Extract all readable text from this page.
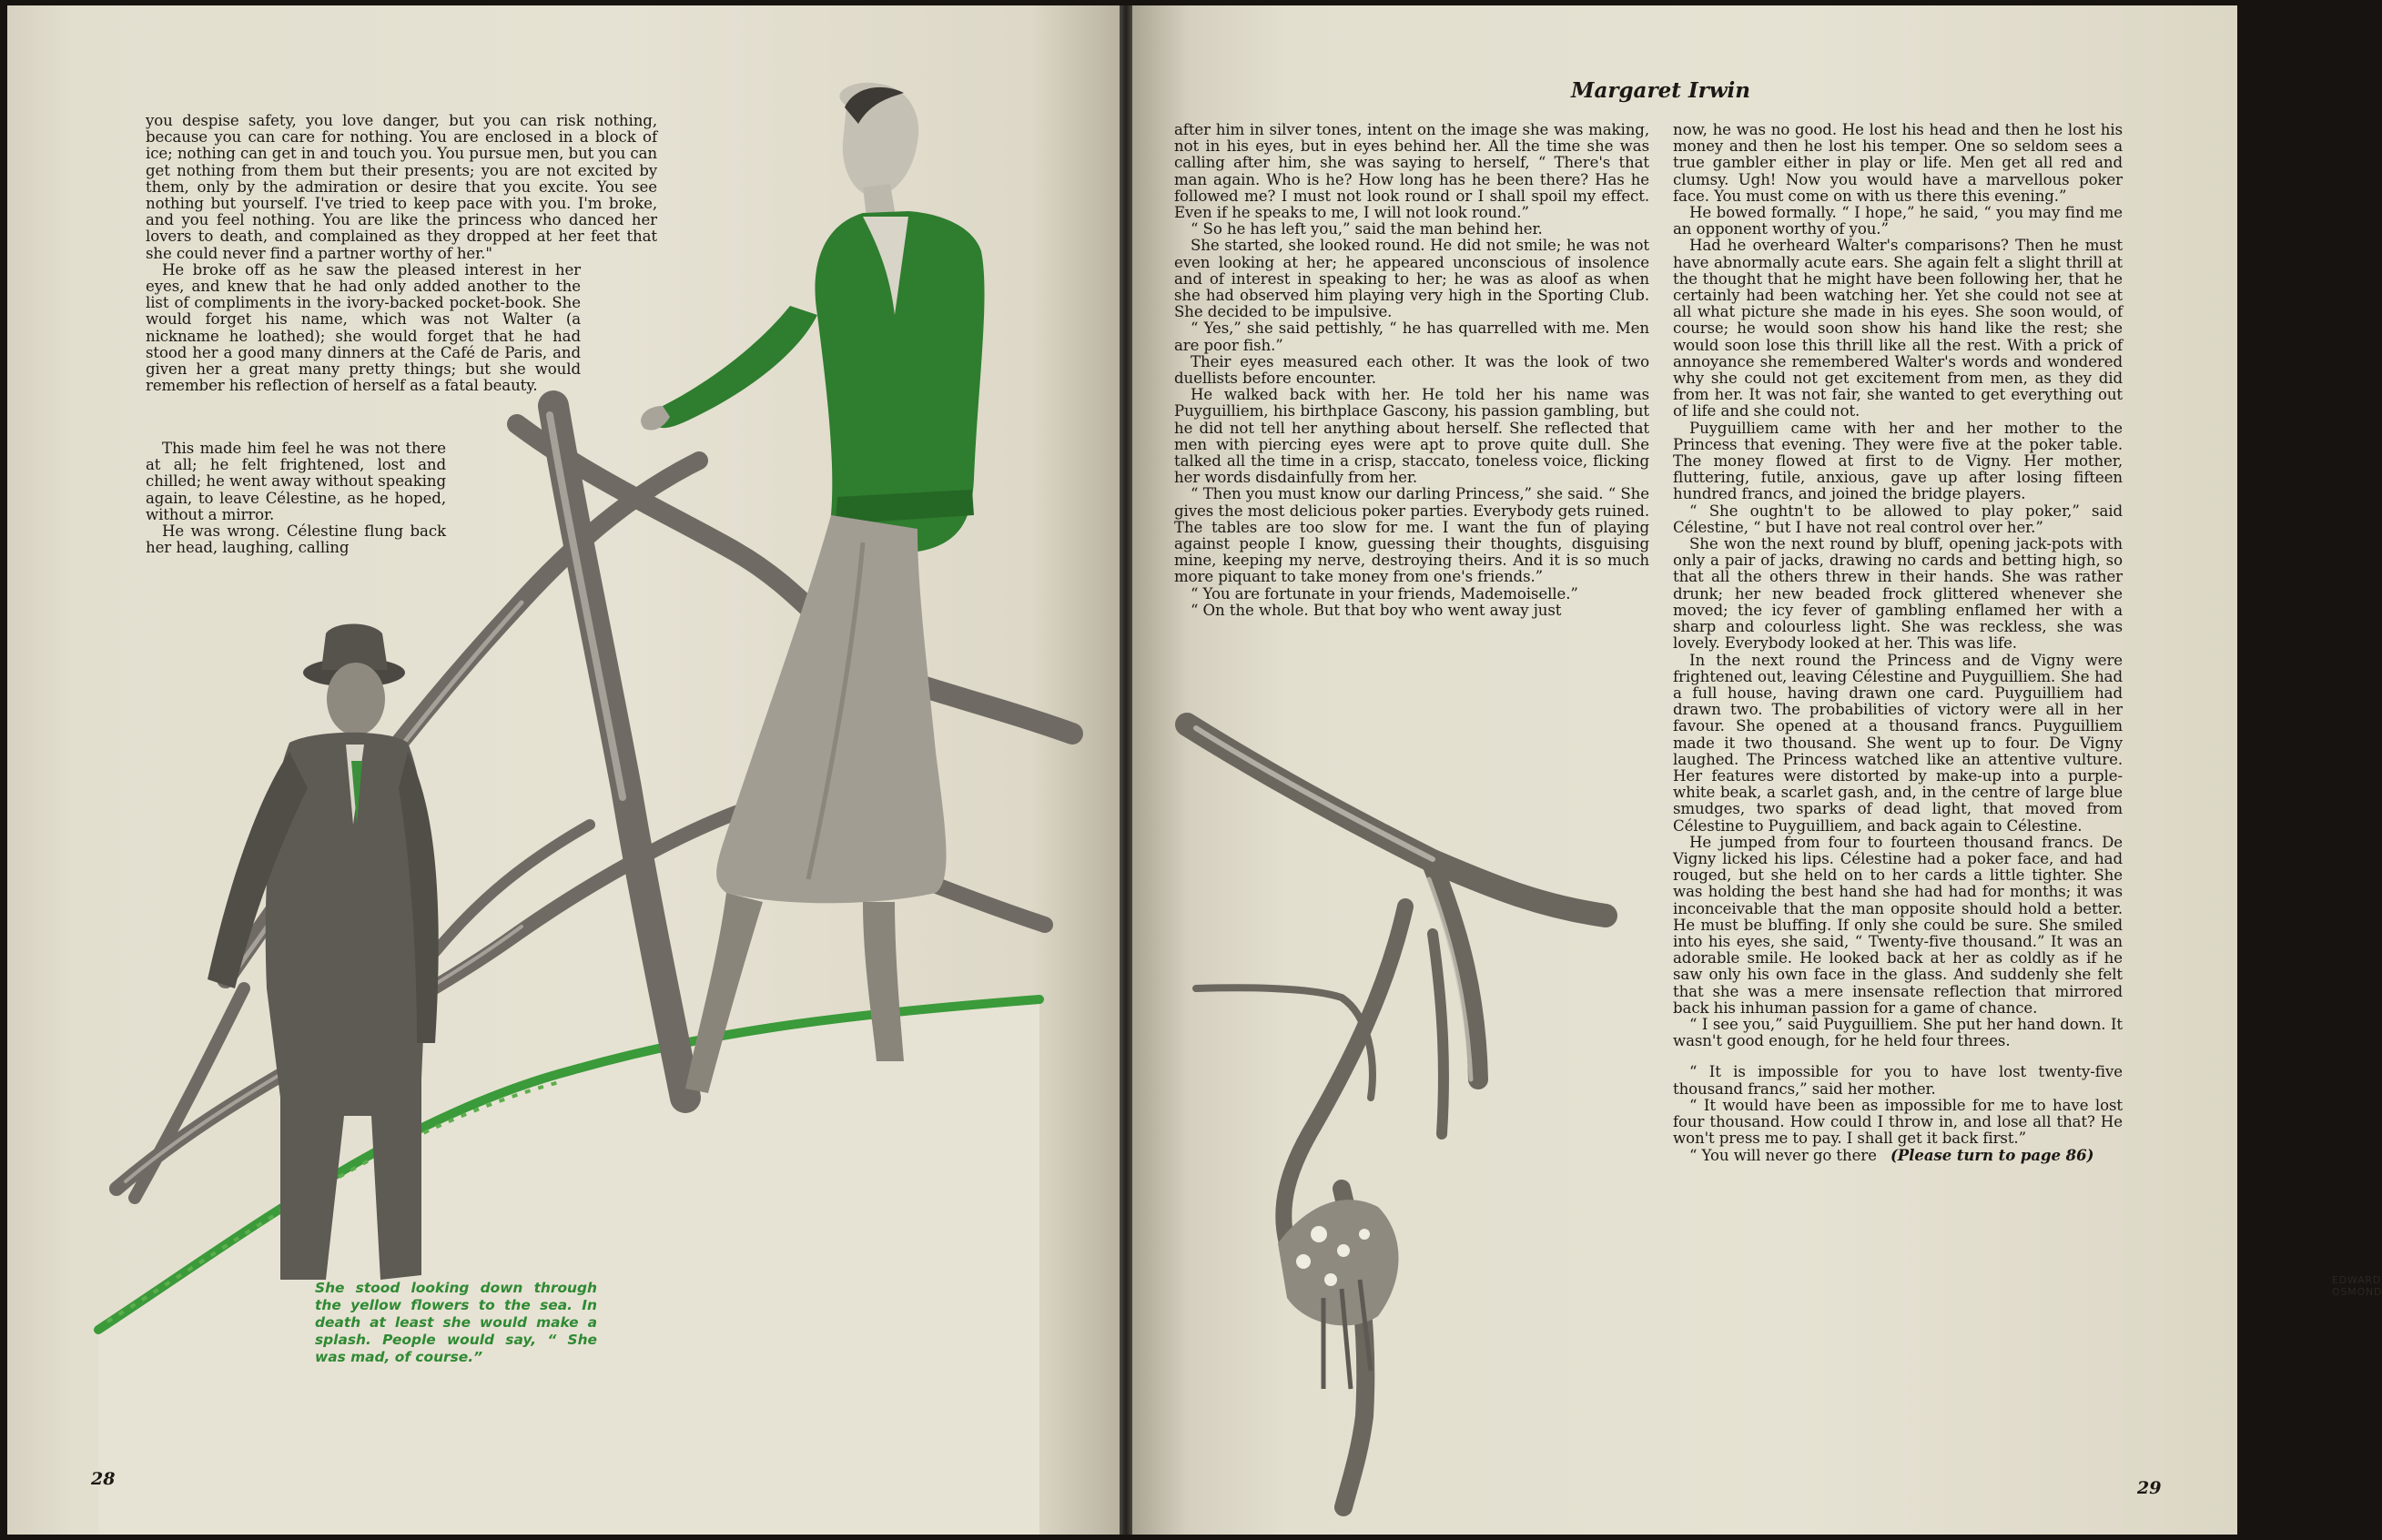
you despise safety, you love danger, but you can risk nothing, because you can care for nothing. You are enclosed in a block of ice; nothing can get in and touch you. You pursue men, but you can get nothing from them but their presents; you are not excited by them, only by the admiration or desire that you excite. You see nothing but yourself. I've tried to keep pace with you. I'm broke, and you feel nothing. You are like the princess who danced her lovers to death, and complained as they dropped at her feet that she could never find a partner worthy of her."

He broke off as he saw the pleased interest in her eyes, and knew that he had only added another to the list of compliments in the ivory-backed pocket-book. She would forget his name, which was not Walter (a nickname he loathed); she would forget that he had stood her a good many dinners at the Café de Paris, and given her a great many pretty things; but she would remember his reflection of herself as a fatal beauty.

This made him feel he was not there at all; he felt frightened, lost and chilled; he went away without speaking again, to leave Célestine, as he hoped, without a mirror.

He was wrong. Célestine flung back her head, laughing, calling

She stood looking down through the yellow flowers to the sea. In death at least she would make a splash. People would say, “ She was mad, of course.”

28

Margaret Irwin

after him in silver tones, intent on the image she was making, not in his eyes, but in eyes behind her. All the time she was calling after him, she was saying to herself, “ There's that man again. Who is he? How long has he been there? Has he followed me? I must not look round or I shall spoil my effect. Even if he speaks to me, I will not look round.”

“ So he has left you,” said the man behind her.

She started, she looked round. He did not smile; he was not even looking at her; he appeared unconscious of insolence and of interest in speaking to her; he was as aloof as when she had observed him playing very high in the Sporting Club. She decided to be impulsive.

“ Yes,” she said pettishly, “ he has quarrelled with me. Men are poor fish.”

Their eyes measured each other. It was the look of two duellists before encounter.

He walked back with her. He told her his name was Puyguilliem, his birthplace Gascony, his passion gambling, but he did not tell her anything about herself. She reflected that men with piercing eyes were apt to prove quite dull. She talked all the time in a crisp, staccato, toneless voice, flicking her words disdainfully from her.

“ Then you must know our darling Princess,” she said. “ She gives the most delicious poker parties. Everybody gets ruined. The tables are too slow for me. I want the fun of playing against people I know, guessing their thoughts, disguising mine, keeping my nerve, destroying theirs. And it is so much more piquant to take money from one's friends.”

“ You are fortunate in your friends, Mademoiselle.”

“ On the whole. But that boy who went away just

now, he was no good. He lost his head and then he lost his money and then he lost his temper. One so seldom sees a true gambler either in play or life. Men get all red and clumsy. Ugh! Now you would have a marvellous poker face. You must come on with us there this evening.”

He bowed formally. “ I hope,” he said, “ you may find me an opponent worthy of you.”

Had he overheard Walter's comparisons? Then he must have abnormally acute ears. She again felt a slight thrill at the thought that he might have been following her, that he certainly had been watching her. Yet she could not see at all what picture she made in his eyes. She soon would, of course; he would soon show his hand like the rest; she would soon lose this thrill like all the rest. With a prick of annoyance she remembered Walter's words and wondered why she could not get excitement from men, as they did from her. It was not fair, she wanted to get everything out of life and she could not.

Puyguilliem came with her and her mother to the Princess that evening. They were five at the poker table. The money flowed at first to de Vigny. Her mother, fluttering, futile, anxious, gave up after losing fifteen hundred francs, and joined the bridge players.

“ She oughtn't to be allowed to play poker,” said Célestine, “ but I have not real control over her.”

She won the next round by bluff, opening jack-pots with only a pair of jacks, drawing no cards and betting high, so that all the others threw in their hands. She was rather drunk; her new beaded frock glittered whenever she moved; the icy fever of gambling enflamed her with a sharp and colourless light. She was reckless, she was lovely. Everybody looked at her. This was life.

In the next round the Princess and de Vigny were frightened out, leaving Célestine and Puyguilliem. She had a full house, having drawn one card. Puyguilliem had drawn two. The probabilities of victory were all in her favour. She opened at a thousand francs. Puyguilliem made it two thousand. She went up to four. De Vigny laughed. The Princess watched like an attentive vulture. Her features were distorted by make-up into a purple-white beak, a scarlet gash, and, in the centre of large blue smudges, two sparks of dead light, that moved from Célestine to Puyguilliem, and back again to Célestine.

He jumped from four to fourteen thousand francs. De Vigny licked his lips. Célestine had a poker face, and had rouged, but she held on to her cards a little tighter. She was holding the best hand she had had for months; it was inconceivable that the man opposite should hold a better. He must be bluffing. If only she could be sure. She smiled into his eyes, she said, “ Twenty-five thousand.” It was an adorable smile. He looked back at her as coldly as if he saw only his own face in the glass. And suddenly she felt that she was a mere insensate reflection that mirrored back his inhuman passion for a game of chance.

“ I see you,” said Puyguilliem. She put her hand down. It wasn't good enough, for he held four threes.

“ It is impossible for you to have lost twenty-five thousand francs,” said her mother.

“ It would have been as impossible for me to have lost four thousand. How could I throw in, and lose all that? He won't press me to pay. I shall get it back first.”

“ You will never go there (Please turn to page 86)

EDWARD OSMOND

29
